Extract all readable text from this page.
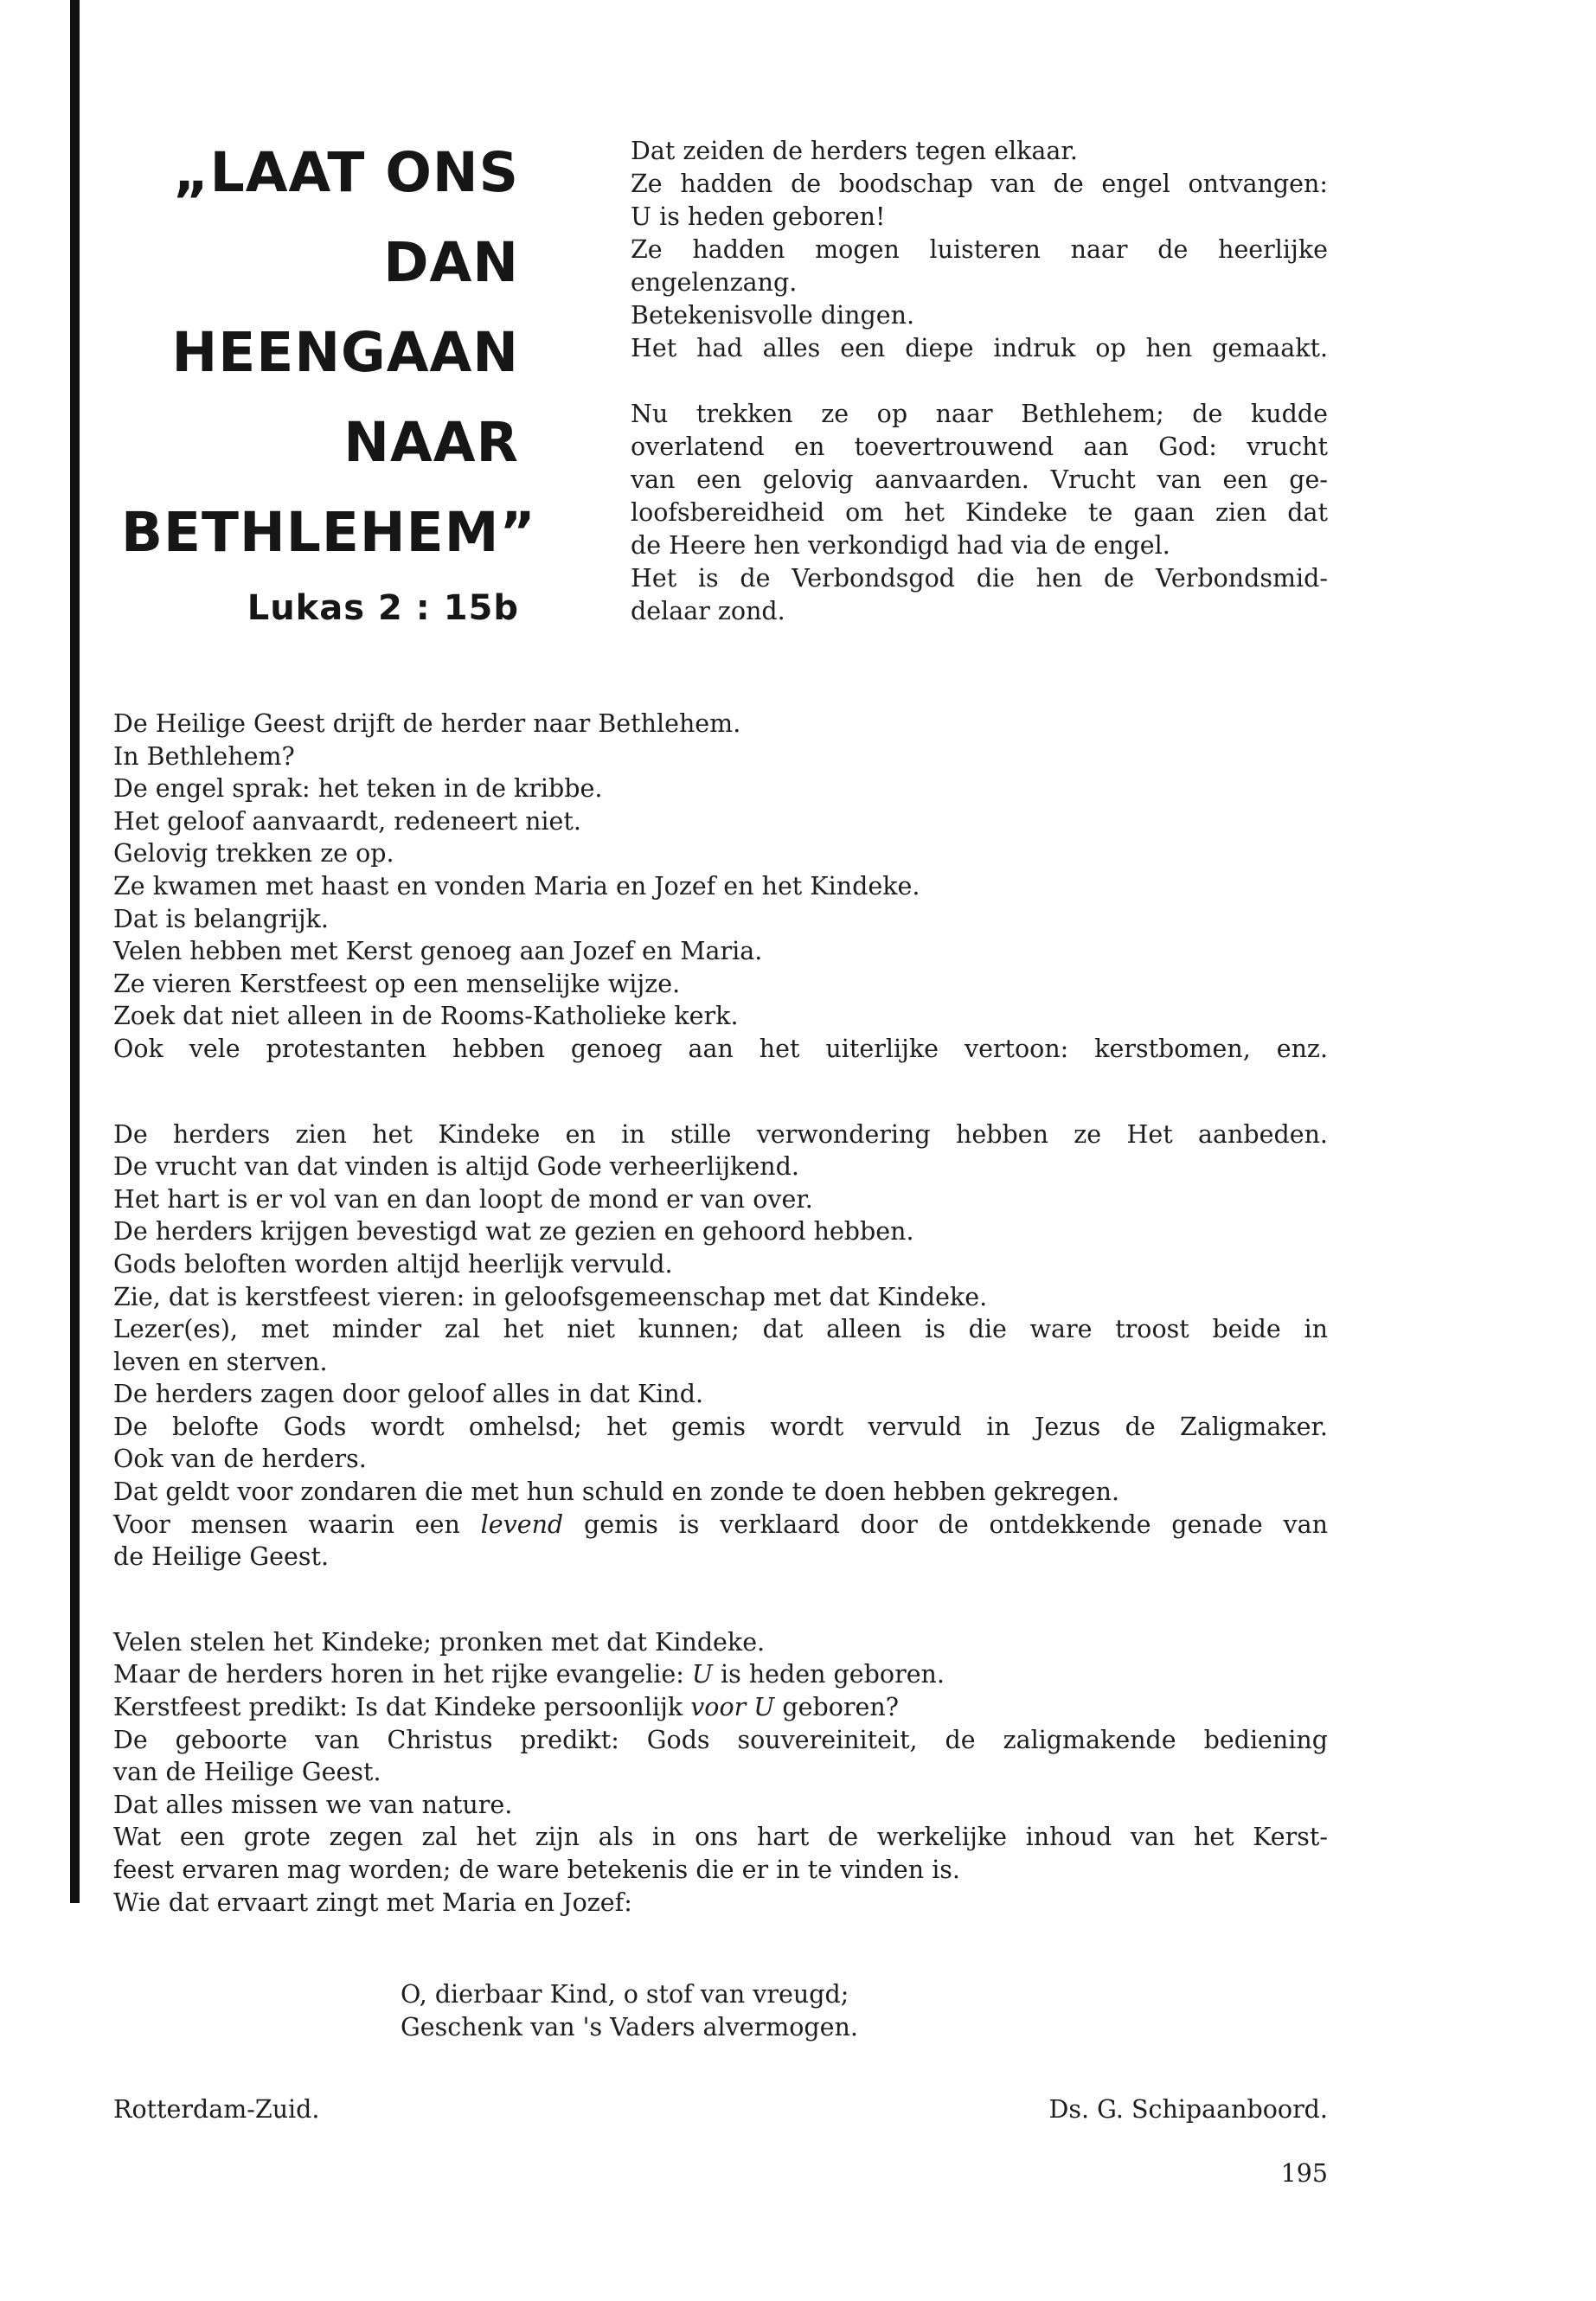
„LAAT ONS
DAN
HEENGAAN
NAAR
BETHLEHEM”
Lukas 2 : 15b

Dat zeiden de herders tegen elkaar.
Ze hadden de boodschap van de engel ontvangen:
U is heden geboren!
Ze hadden mogen luisteren naar de heerlijke
engelenzang.
Betekenisvolle dingen.
Het had alles een diepe indruk op hen gemaakt.

Nu trekken ze op naar Bethlehem; de kudde
overlatend en toevertrouwend aan God: vrucht
van een gelovig aanvaarden. Vrucht van een ge-
loofsbereidheid om het Kindeke te gaan zien dat
de Heere hen verkondigd had via de engel.
Het is de Verbondsgod die hen de Verbondsmid-
delaar zond.

De Heilige Geest drijft de herder naar Bethlehem.
In Bethlehem?
De engel sprak: het teken in de kribbe.
Het geloof aanvaardt, redeneert niet.
Gelovig trekken ze op.
Ze kwamen met haast en vonden Maria en Jozef en het Kindeke.
Dat is belangrijk.
Velen hebben met Kerst genoeg aan Jozef en Maria.
Ze vieren Kerstfeest op een menselijke wijze.
Zoek dat niet alleen in de Rooms-Katholieke kerk.
Ook vele protestanten hebben genoeg aan het uiterlijke vertoon: kerstbomen, enz.

De herders zien het Kindeke en in stille verwondering hebben ze Het aanbeden.
De vrucht van dat vinden is altijd Gode verheerlijkend.
Het hart is er vol van en dan loopt de mond er van over.
De herders krijgen bevestigd wat ze gezien en gehoord hebben.
Gods beloften worden altijd heerlijk vervuld.
Zie, dat is kerstfeest vieren: in geloofsgemeenschap met dat Kindeke.
Lezer(es), met minder zal het niet kunnen; dat alleen is die ware troost beide in
leven en sterven.
De herders zagen door geloof alles in dat Kind.
De belofte Gods wordt omhelsd; het gemis wordt vervuld in Jezus de Zaligmaker.
Ook van de herders.
Dat geldt voor zondaren die met hun schuld en zonde te doen hebben gekregen.
Voor mensen waarin een levend gemis is verklaard door de ontdekkende genade van
de Heilige Geest.

Velen stelen het Kindeke; pronken met dat Kindeke.
Maar de herders horen in het rijke evangelie: U is heden geboren.
Kerstfeest predikt: Is dat Kindeke persoonlijk voor U geboren?
De geboorte van Christus predikt: Gods souvereiniteit, de zaligmakende bediening
van de Heilige Geest.
Dat alles missen we van nature.
Wat een grote zegen zal het zijn als in ons hart de werkelijke inhoud van het Kerst-
feest ervaren mag worden; de ware betekenis die er in te vinden is.
Wie dat ervaart zingt met Maria en Jozef:

O, dierbaar Kind, o stof van vreugd;
Geschenk van 's Vaders alvermogen.
Rotterdam-Zuid.	Ds. G. Schipaanboord.
195
